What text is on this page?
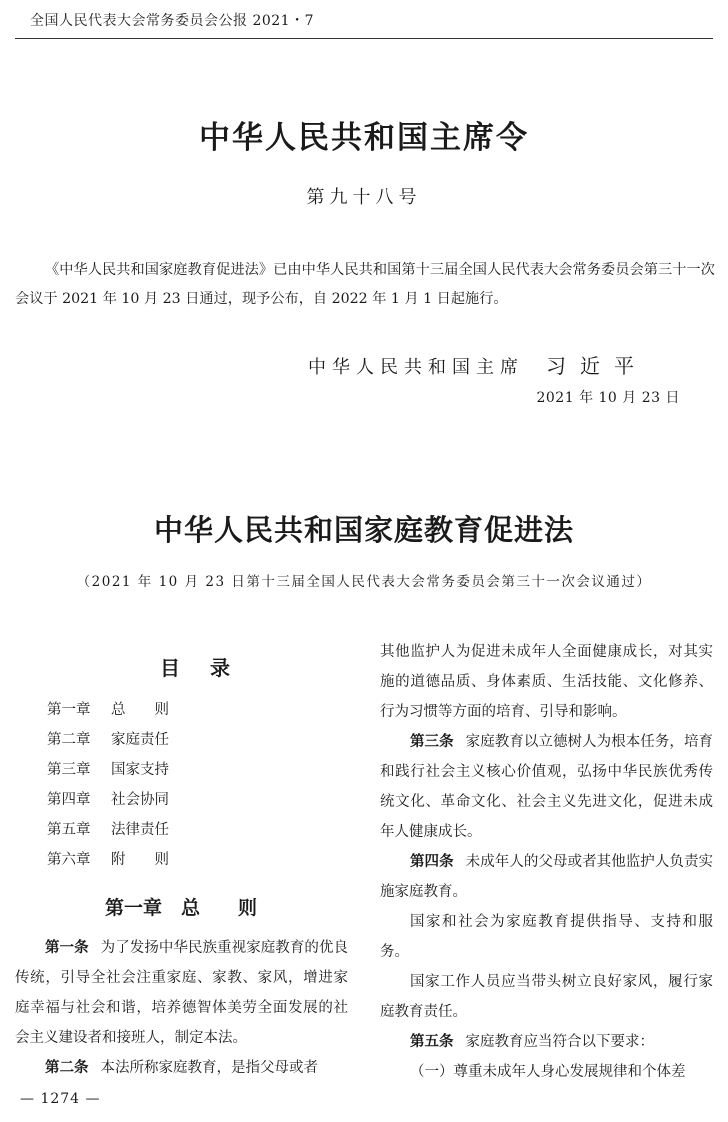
全国人民代表大会常务委员会公报 2021・7
中华人民共和国主席令
第九十八号
《中华人民共和国家庭教育促进法》已由中华人民共和国第十三届全国人民代表大会常务委员会第三十一次会议于 2021 年 10 月 23 日通过，现予公布，自 2022 年 1 月 1 日起施行。
中华人民共和国主席 习近平
2021 年 10 月 23 日
中华人民共和国家庭教育促进法
（2021 年 10 月 23 日第十三届全国人民代表大会常务委员会第三十一次会议通过）
目录
第一章 总　　则
第二章 家庭责任
第三章 国家支持
第四章 社会协同
第五章 法律责任
第六章 附　　则
第一章　总　　则

第一条 为了发扬中华民族重视家庭教育的优良传统，引导全社会注重家庭、家教、家风，增进家庭幸福与社会和谐，培养德智体美劳全面发展的社会主义建设者和接班人，制定本法。

第二条 本法所称家庭教育，是指父母或者

其他监护人为促进未成年人全面健康成长，对其实施的道德品质、身体素质、生活技能、文化修养、行为习惯等方面的培育、引导和影响。

第三条 家庭教育以立德树人为根本任务，培育和践行社会主义核心价值观，弘扬中华民族优秀传统文化、革命文化、社会主义先进文化，促进未成年人健康成长。

第四条 未成年人的父母或者其他监护人负责实施家庭教育。

国家和社会为家庭教育提供指导、支持和服务。

国家工作人员应当带头树立良好家风，履行家庭教育责任。

第五条 家庭教育应当符合以下要求：

（一）尊重未成年人身心发展规律和个体差

— 1274 —
